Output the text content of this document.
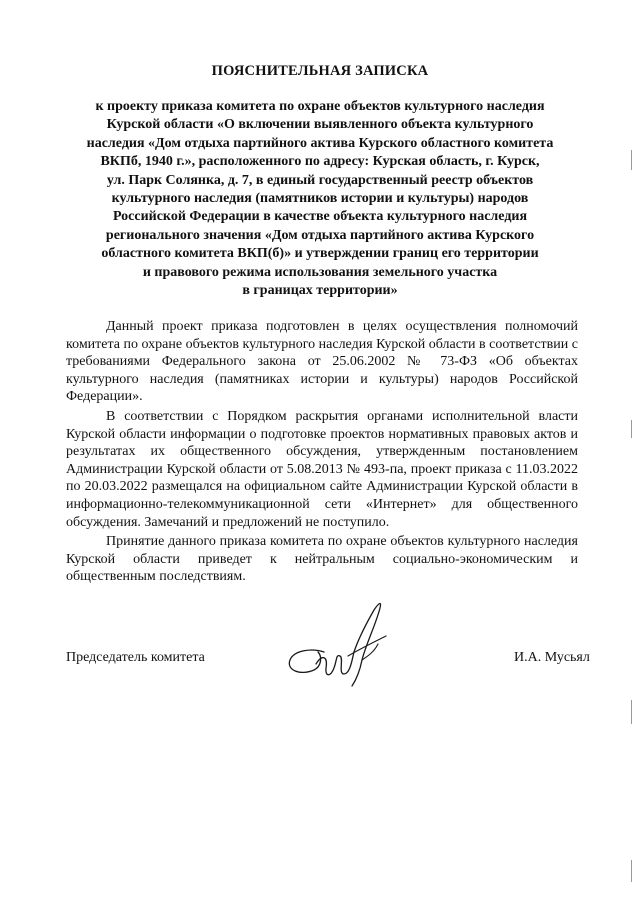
ПОЯСНИТЕЛЬНАЯ ЗАПИСКА
к проекту приказа комитета по охране объектов культурного наследия
Курской области «О включении выявленного объекта культурного
наследия «Дом отдыха партийного актива Курского областного комитета
ВКПб, 1940 г.», расположенного по адресу: Курская область, г. Курск,
ул. Парк Солянка, д. 7, в единый государственный реестр объектов
культурного наследия (памятников истории и культуры) народов
Российской Федерации в качестве объекта культурного наследия
регионального значения «Дом отдыха партийного актива Курского
областного комитета ВКП(б)» и утверждении границ его территории
и правового режима использования земельного участка
в границах территории»

Данный проект приказа подготовлен в целях осуществления полномочий комитета по охране объектов культурного наследия Курской области в соответствии с требованиями Федерального закона от 25.06.2002 № 73-ФЗ «Об объектах культурного наследия (памятниках истории и культуры) народов Российской Федерации».

В соответствии с Порядком раскрытия органами исполнительной власти Курской области информации о подготовке проектов нормативных правовых актов и результатах их общественного обсуждения, утвержденным постановлением Администрации Курской области от 5.08.2013 № 493-па, проект приказа с 11.03.2022 по 20.03.2022 размещался на официальном сайте Администрации Курской области в информационно-телекоммуникационной сети «Интернет» для общественного обсуждения. Замечаний и предложений не поступило.

Принятие данного приказа комитета по охране объектов культурного наследия Курской области приведет к нейтральным социально-экономическим и общественным последствиям.

Председатель комитета	И.А. Мусьял
